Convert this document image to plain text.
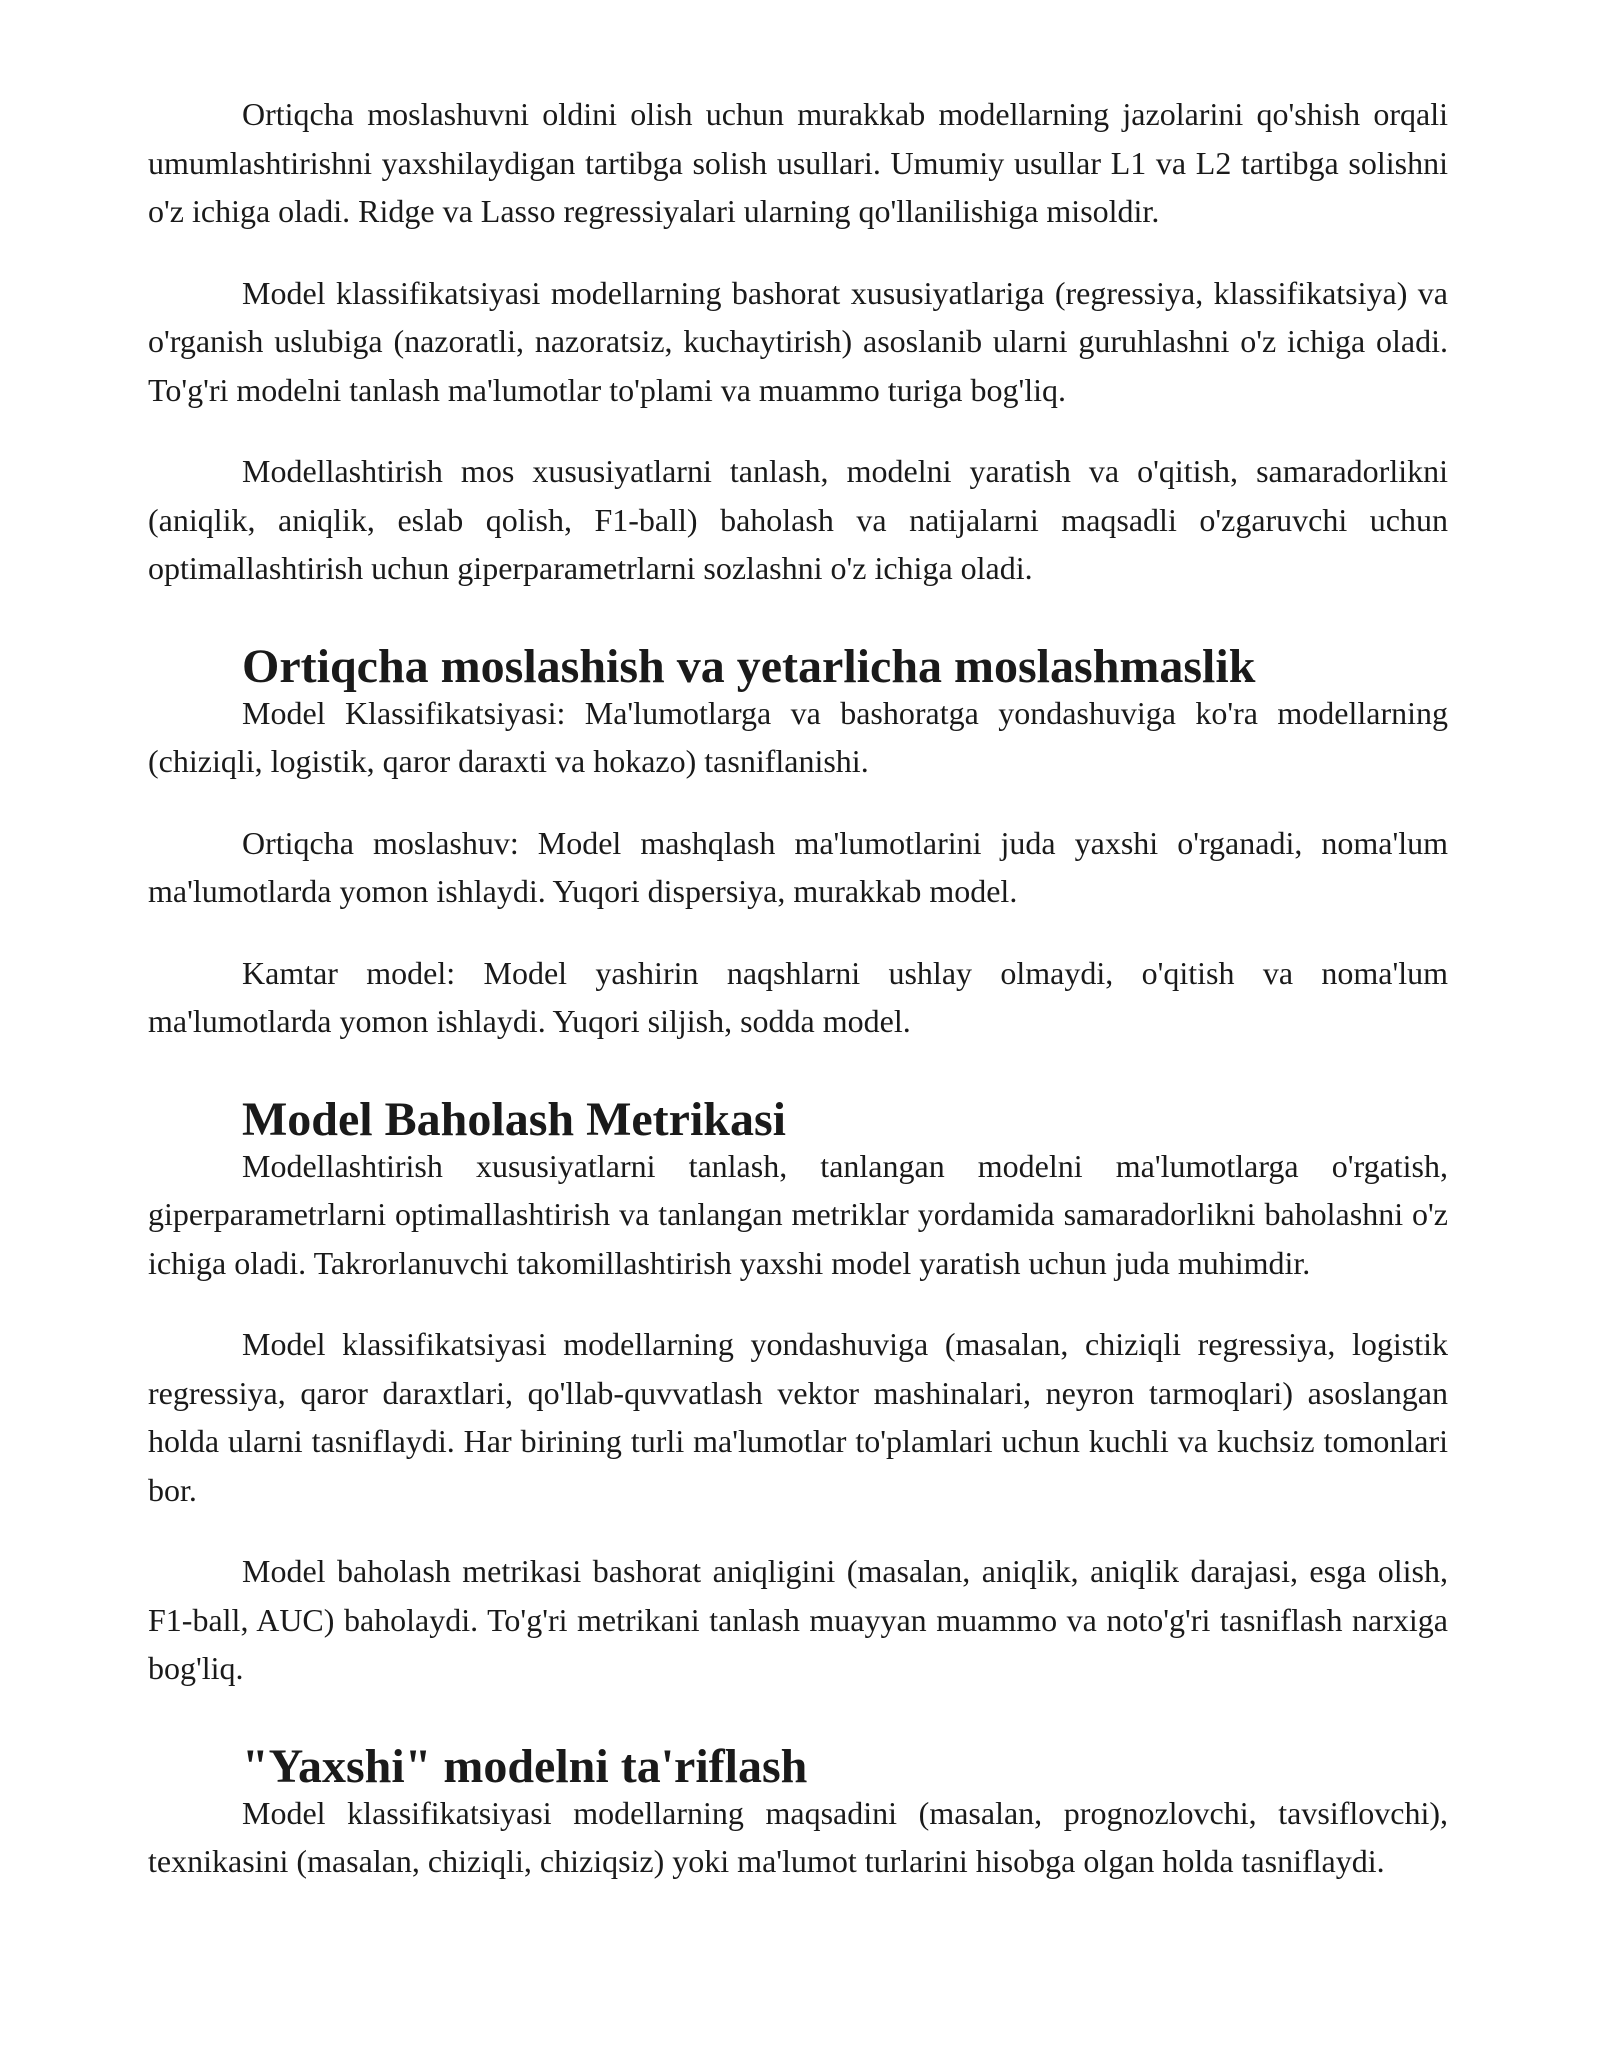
Ortiqcha moslashuvni oldini olish uchun murakkab modellarning jazolarini qo'shish orqali umumlashtirishni yaxshilaydigan tartibga solish usullari. Umumiy usullar L1 va L2 tartibga solishni o'z ichiga oladi. Ridge va Lasso regressiyalari ularning qo'llanilishiga misoldir.

Model klassifikatsiyasi modellarning bashorat xususiyatlariga (regressiya, klassifikatsiya) va o'rganish uslubiga (nazoratli, nazoratsiz, kuchaytirish) asoslanib ularni guruhlashni o'z ichiga oladi. To'g'ri modelni tanlash ma'lumotlar to'plami va muammo turiga bog'liq.

Modellashtirish mos xususiyatlarni tanlash, modelni yaratish va o'qitish, samaradorlikni (aniqlik, aniqlik, eslab qolish, F1-ball) baholash va natijalarni maqsadli o'zgaruvchi uchun optimallashtirish uchun giperparametrlarni sozlashni o'z ichiga oladi.

Ortiqcha moslashish va yetarlicha moslashmaslik

Model Klassifikatsiyasi: Ma'lumotlarga va bashoratga yondashuviga ko'ra modellarning (chiziqli, logistik, qaror daraxti va hokazo) tasniflanishi.

Ortiqcha moslashuv: Model mashqlash ma'lumotlarini juda yaxshi o'rganadi, noma'lum ma'lumotlarda yomon ishlaydi. Yuqori dispersiya, murakkab model.

Kamtar model: Model yashirin naqshlarni ushlay olmaydi, o'qitish va noma'lum ma'lumotlarda yomon ishlaydi. Yuqori siljish, sodda model.

Model Baholash Metrikasi

Modellashtirish xususiyatlarni tanlash, tanlangan modelni ma'lumotlarga o'rgatish, giperparametrlarni optimallashtirish va tanlangan metriklar yordamida samaradorlikni baholashni o'z ichiga oladi. Takrorlanuvchi takomillashtirish yaxshi model yaratish uchun juda muhimdir.

Model klassifikatsiyasi modellarning yondashuviga (masalan, chiziqli regressiya, logistik regressiya, qaror daraxtlari, qo'llab-quvvatlash vektor mashinalari, neyron tarmoqlari) asoslangan holda ularni tasniflaydi. Har birining turli ma'lumotlar to'plamlari uchun kuchli va kuchsiz tomonlari bor.

Model baholash metrikasi bashorat aniqligini (masalan, aniqlik, aniqlik darajasi, esga olish, F1-ball, AUC) baholaydi. To'g'ri metrikani tanlash muayyan muammo va noto'g'ri tasniflash narxiga bog'liq.

"Yaxshi" modelni ta'riflash

Model klassifikatsiyasi modellarning maqsadini (masalan, prognozlovchi, tavsiflovchi), texnikasini (masalan, chiziqli, chiziqsiz) yoki ma'lumot turlarini hisobga olgan holda tasniflaydi.
